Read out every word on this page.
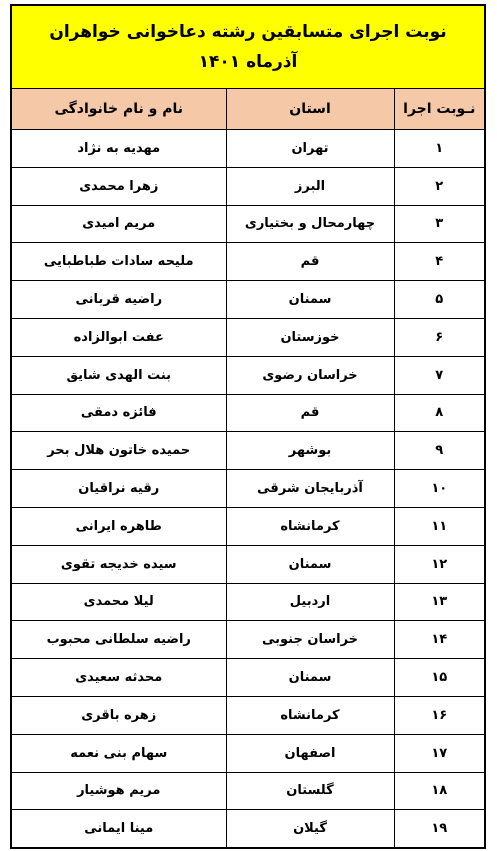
نوبت اجرای متسابقین رشته دعاخوانی خواهران
آذرماه ۱۴۰۱
نـوبت اجرا	استان	نام و نام خانوادگی
۱	تهران	مهدیه به نژاد
۲	البرز	زهرا محمدی
۳	چهارمحال و بختیاری	مریم امیدی
۴	قم	ملیحه سادات طباطبایی
۵	سمنان	راضیه قربانی
۶	خوزستان	عفت ابوالزاده
۷	خراسان رضوی	بنت الهدی شایق
۸	قم	فائزه دمقی
۹	بوشهر	حمیده خاتون هلال بحر
۱۰	آذربایجان شرقی	رقیه نراقیان
۱۱	کرمانشاه	طاهره ایرانی
۱۲	سمنان	سیده خدیجه تقوی
۱۳	اردبیل	لیلا محمدی
۱۴	خراسان جنوبی	راضیه سلطانی محبوب
۱۵	سمنان	محدثه سعیدی
۱۶	کرمانشاه	زهره باقری
۱۷	اصفهان	سهام بنی نعمه
۱۸	گلستان	مریم هوشیار
۱۹	گیلان	مینا ایمانی
